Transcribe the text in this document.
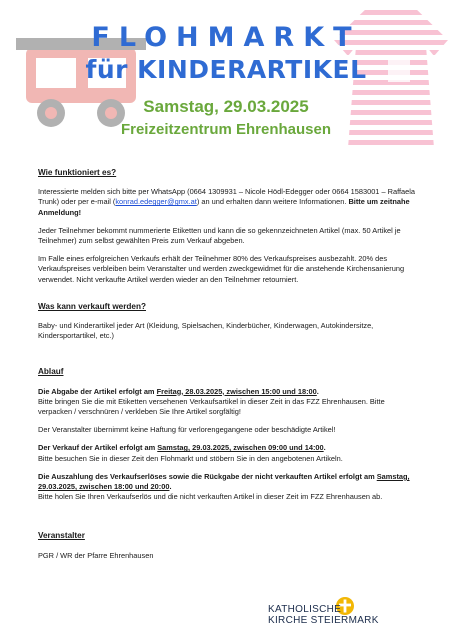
FLOHMARKT
für KINDERARTIKEL
Samstag, 29.03.2025
Freizeitzentrum Ehrenhausen
Wie funktioniert es?
Interessierte melden sich bitte per WhatsApp (0664 1309931 – Nicole Hödl-Edegger oder 0664 1583001 – Raffaela Trunk) oder per e-mail (konrad.edegger@gmx.at) an und erhalten dann weitere Informationen. Bitte um zeitnahe Anmeldung!
Jeder Teilnehmer bekommt nummerierte Etiketten und kann die so gekennzeichneten Artikel (max. 50 Artikel je Teilnehmer) zum selbst gewählten Preis zum Verkauf abgeben.
Im Falle eines erfolgreichen Verkaufs erhält der Teilnehmer 80% des Verkaufspreises ausbezahlt. 20% des Verkaufspreises verbleiben beim Veranstalter und werden zweckgewidmet für die anstehende Kirchensanierung verwendet. Nicht verkaufte Artikel werden wieder an den Teilnehmer retourniert.
Was kann verkauft werden?
Baby- und Kinderartikel jeder Art (Kleidung, Spielsachen, Kinderbücher, Kinderwagen, Autokindersitze, Kindersportartikel, etc.)
Ablauf
Die Abgabe der Artikel erfolgt am Freitag, 28.03.2025, zwischen 15:00 und 18:00.
Bitte bringen Sie die mit Etiketten versehenen Verkaufsartikel in dieser Zeit in das FZZ Ehrenhausen. Bitte verpacken / verschnüren / verkleben Sie Ihre Artikel sorgfältig!
Der Veranstalter übernimmt keine Haftung für verlorengegangene oder beschädigte Artikel!
Der Verkauf der Artikel erfolgt am Samstag, 29.03.2025, zwischen 09:00 und 14:00.
Bitte besuchen Sie in dieser Zeit den Flohmarkt und stöbern Sie in den angebotenen Artikeln.
Die Auszahlung des Verkaufserlöses sowie die Rückgabe der nicht verkauften Artikel erfolgt am Samstag, 29.03.2025, zwischen 18:00 und 20:00.
Bitte holen Sie Ihren Verkaufserlös und die nicht verkauften Artikel in dieser Zeit im FZZ Ehrenhausen ab.
Veranstalter
PGR / WR der Pfarre Ehrenhausen
KATHOLISCHE
KIRCHE STEIERMARK
